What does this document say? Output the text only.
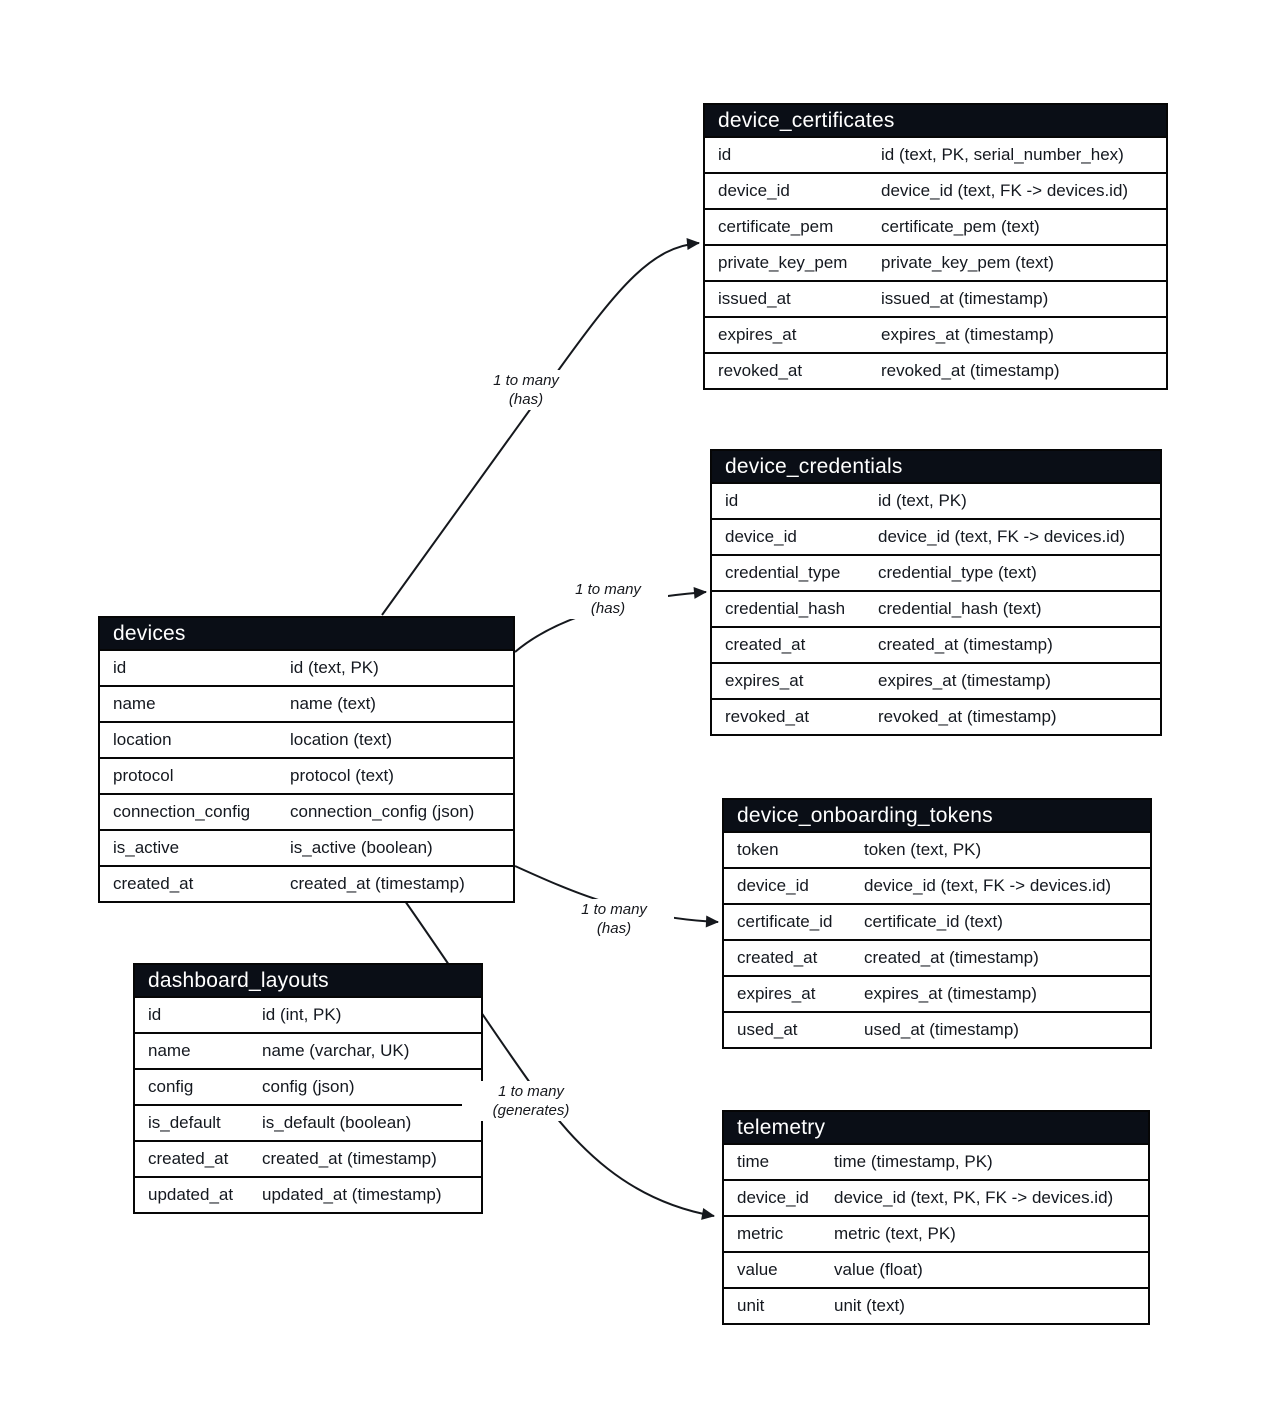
1 to many
(has)
1 to many
(has)
1 to many
(has)
1 to many
(generates)
device_certificates
id	id (text, PK, serial_number_hex)
device_id	device_id (text, FK -> devices.id)
certificate_pem	certificate_pem (text)
private_key_pem	private_key_pem (text)
issued_at	issued_at (timestamp)
expires_at	expires_at (timestamp)
revoked_at	revoked_at (timestamp)
device_credentials
id	id (text, PK)
device_id	device_id (text, FK -> devices.id)
credential_type	credential_type (text)
credential_hash	credential_hash (text)
created_at	created_at (timestamp)
expires_at	expires_at (timestamp)
revoked_at	revoked_at (timestamp)
devices
id	id (text, PK)
name	name (text)
location	location (text)
protocol	protocol (text)
connection_config	connection_config (json)
is_active	is_active (boolean)
created_at	created_at (timestamp)
device_onboarding_tokens
token	token (text, PK)
device_id	device_id (text, FK -> devices.id)
certificate_id	certificate_id (text)
created_at	created_at (timestamp)
expires_at	expires_at (timestamp)
used_at	used_at (timestamp)
dashboard_layouts
id	id (int, PK)
name	name (varchar, UK)
config	config (json)
is_default	is_default (boolean)
created_at	created_at (timestamp)
updated_at	updated_at (timestamp)
telemetry
time	time (timestamp, PK)
device_id	device_id (text, PK, FK -> devices.id)
metric	metric (text, PK)
value	value (float)
unit	unit (text)
